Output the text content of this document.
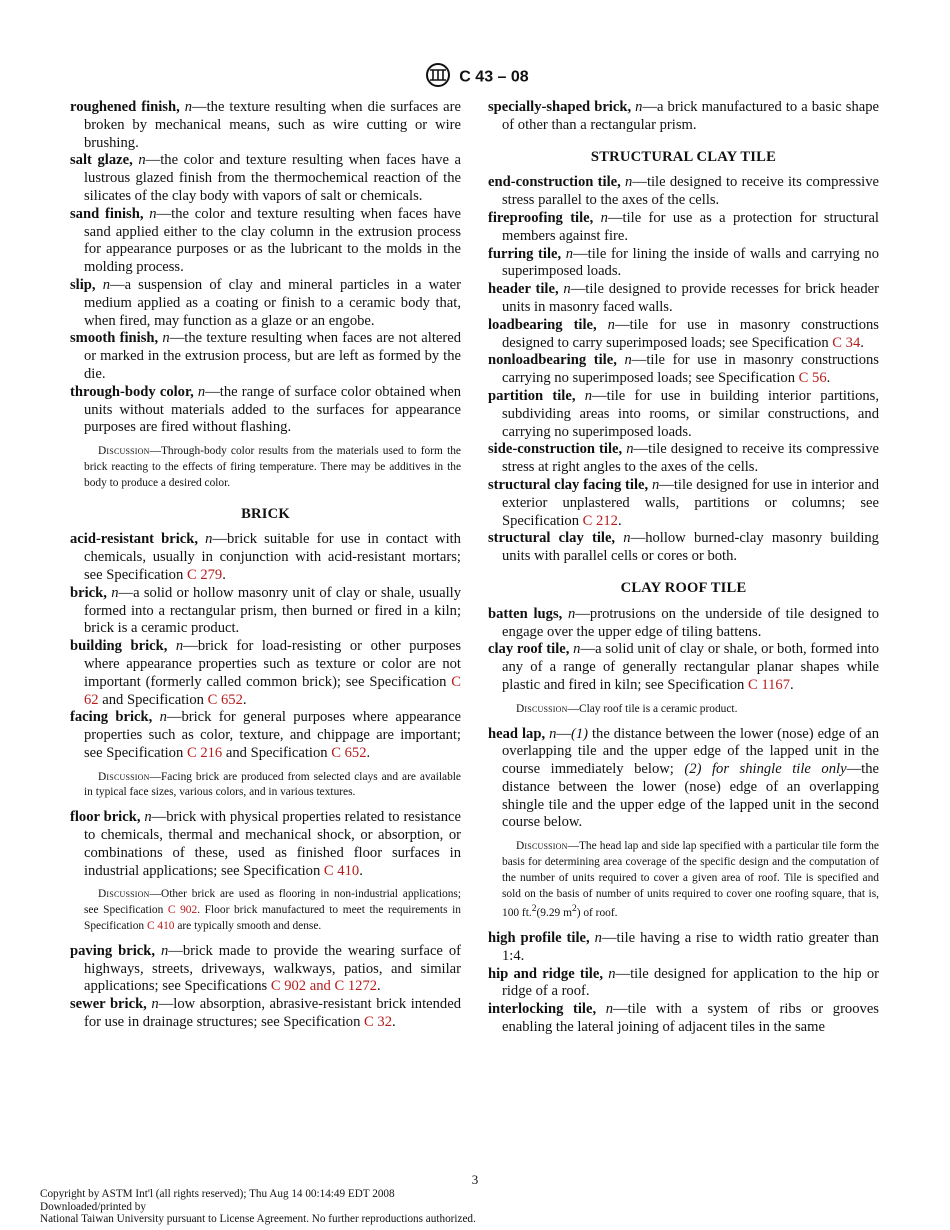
C 43 – 08

roughened finish, n—the texture resulting when die surfaces are broken by mechanical means, such as wire cutting or wire brushing.

salt glaze, n—the color and texture resulting when faces have a lustrous glazed finish from the thermochemical reaction of the silicates of the clay body with vapors of salt or chemicals.

sand finish, n—the color and texture resulting when faces have sand applied either to the clay column in the extrusion process for appearance purposes or as the lubricant to the molds in the molding process.

slip, n—a suspension of clay and mineral particles in a water medium applied as a coating or finish to a ceramic body that, when fired, may function as a glaze or an engobe.

smooth finish, n—the texture resulting when faces are not altered or marked in the extrusion process, but are left as formed by the die.

through-body color, n—the range of surface color obtained when units without materials added to the surfaces for appearance purposes are fired without flashing.

Discussion—Through-body color results from the materials used to form the brick reacting to the effects of firing temperature. There may be additives in the body to produce a desired color.

BRICK

acid-resistant brick, n—brick suitable for use in contact with chemicals, usually in conjunction with acid-resistant mortars; see Specification C 279.

brick, n—a solid or hollow masonry unit of clay or shale, usually formed into a rectangular prism, then burned or fired in a kiln; brick is a ceramic product.

building brick, n—brick for load-resisting or other purposes where appearance properties such as texture or color are not important (formerly called common brick); see Specification C 62 and Specification C 652.

facing brick, n—brick for general purposes where appearance properties such as color, texture, and chippage are important; see Specification C 216 and Specification C 652.

Discussion—Facing brick are produced from selected clays and are available in typical face sizes, various colors, and in various textures.

floor brick, n—brick with physical properties related to resistance to chemicals, thermal and mechanical shock, or absorption, or combinations of these, used as finished floor surfaces in industrial applications; see Specification C 410.

Discussion—Other brick are used as flooring in non-industrial applications; see Specification C 902. Floor brick manufactured to meet the requirements in Specification C 410 are typically smooth and dense.

paving brick, n—brick made to provide the wearing surface of highways, streets, driveways, walkways, patios, and similar applications; see Specifications C 902 and C 1272.

sewer brick, n—low absorption, abrasive-resistant brick intended for use in drainage structures; see Specification C 32.

specially-shaped brick, n—a brick manufactured to a basic shape of other than a rectangular prism.

STRUCTURAL CLAY TILE

end-construction tile, n—tile designed to receive its compressive stress parallel to the axes of the cells.

fireproofing tile, n—tile for use as a protection for structural members against fire.

furring tile, n—tile for lining the inside of walls and carrying no superimposed loads.

header tile, n—tile designed to provide recesses for brick header units in masonry faced walls.

loadbearing tile, n—tile for use in masonry constructions designed to carry superimposed loads; see Specification C 34.

nonloadbearing tile, n—tile for use in masonry constructions carrying no superimposed loads; see Specification C 56.

partition tile, n—tile for use in building interior partitions, subdividing areas into rooms, or similar constructions, and carrying no superimposed loads.

side-construction tile, n—tile designed to receive its compressive stress at right angles to the axes of the cells.

structural clay facing tile, n—tile designed for use in interior and exterior unplastered walls, partitions or columns; see Specification C 212.

structural clay tile, n—hollow burned-clay masonry building units with parallel cells or cores or both.

CLAY ROOF TILE

batten lugs, n—protrusions on the underside of tile designed to engage over the upper edge of tiling battens.

clay roof tile, n—a solid unit of clay or shale, or both, formed into any of a range of generally rectangular planar shapes while plastic and fired in kiln; see Specification C 1167.

Discussion—Clay roof tile is a ceramic product.

head lap, n—(1) the distance between the lower (nose) edge of an overlapping tile and the upper edge of the lapped unit in the course immediately below; (2) for shingle tile only—the distance between the lower (nose) edge of an overlapping shingle tile and the upper edge of the lapped unit in the second course below.

Discussion—The head lap and side lap specified with a particular tile form the basis for determining area coverage of the specific design and the computation of the number of units required to cover a given area of roof. Tile is specified and sold on the basis of number of units required to cover one roofing square, that is, 100 ft.$^2$(9.29 $m^2$) of roof.

high profile tile, n—tile having a rise to width ratio greater than 1:4.

hip and ridge tile, n—tile designed for application to the hip or ridge of a roof.

interlocking tile, n—tile with a system of ribs or grooves enabling the lateral joining of adjacent tiles in the same

3
Copyright by ASTM Int'l (all rights reserved); Thu Aug 14 00:14:49 EDT 2008
Downloaded/printed by
National Taiwan University pursuant to License Agreement. No further reproductions authorized.
